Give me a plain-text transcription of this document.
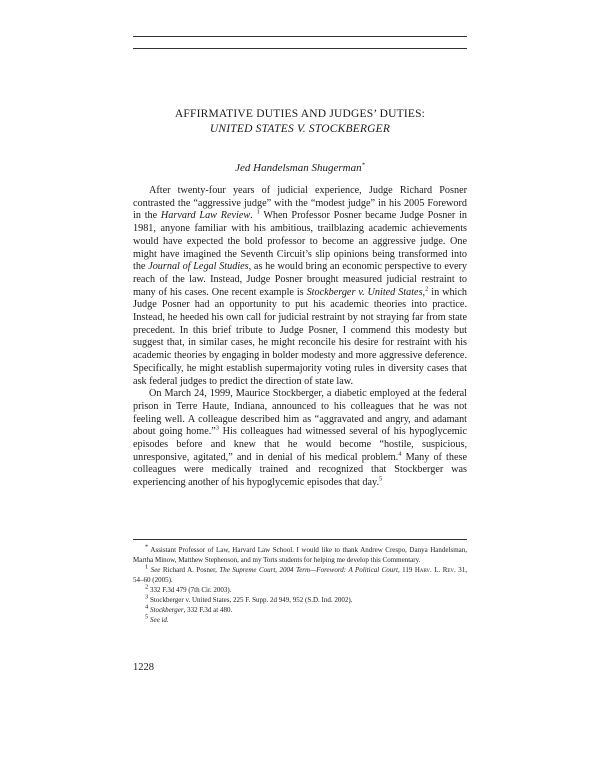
AFFIRMATIVE DUTIES AND JUDGES’ DUTIES:
UNITED STATES V. STOCKBERGER
Jed Handelsman Shugerman*

After twenty-four years of judicial experience, Judge Richard Posner contrasted the “aggressive judge” with the “modest judge” in his 2005 Foreword in the Harvard Law Review. $^1$ When Professor Posner became Judge Posner in 1981, anyone familiar with his ambitious, trailblazing academic achievements would have expected the bold professor to become an aggressive judge. One might have imagined the Seventh Circuit’s slip opinions being transformed into the Journal of Legal Studies, as he would bring an economic perspective to every reach of the law. Instead, Judge Posner brought measured judicial restraint to many of his cases. One recent example is Stockberger v. United States,$^2$ in which Judge Posner had an opportunity to put his academic theories into practice. Instead, he heeded his own call for judicial restraint by not straying far from state precedent. In this brief tribute to Judge Posner, I commend this modesty but suggest that, in similar cases, he might reconcile his desire for restraint with his academic theories by engaging in bolder modesty and more aggressive deference. Specifically, he might establish supermajority voting rules in diversity cases that ask federal judges to predict the direction of state law.

On March 24, 1999, Maurice Stockberger, a diabetic employed at the federal prison in Terre Haute, Indiana, announced to his colleagues that he was not feeling well. A colleague described him as “aggravated and angry, and adamant about going home.”$^3$ His colleagues had witnessed several of his hypoglycemic episodes before and knew that he would become “hostile, suspicious, unresponsive, agitated,” and in denial of his medical problem.$^4$ Many of these colleagues were medically trained and recognized that Stockberger was experiencing another of his hypoglycemic episodes that day.$^5$

* Assistant Professor of Law, Harvard Law School. I would like to thank Andrew Crespo, Danya Handelsman, Martha Minow, Matthew Stephenson, and my Torts students for helping me develop this Commentary.

$^1$ See Richard A. Posner, The Supreme Court, 2004 Term—Foreword: A Political Court, 119 Harv. L. Rev. 31, 54–60 (2005).

$^2$ 332 F.3d 479 (7th Cir. 2003).

$^3$ Stockberger v. United States, 225 F. Supp. 2d 949, 952 (S.D. Ind. 2002).

$^4$ Stockberger, 332 F.3d at 480.

$^5$ See id.

1228
